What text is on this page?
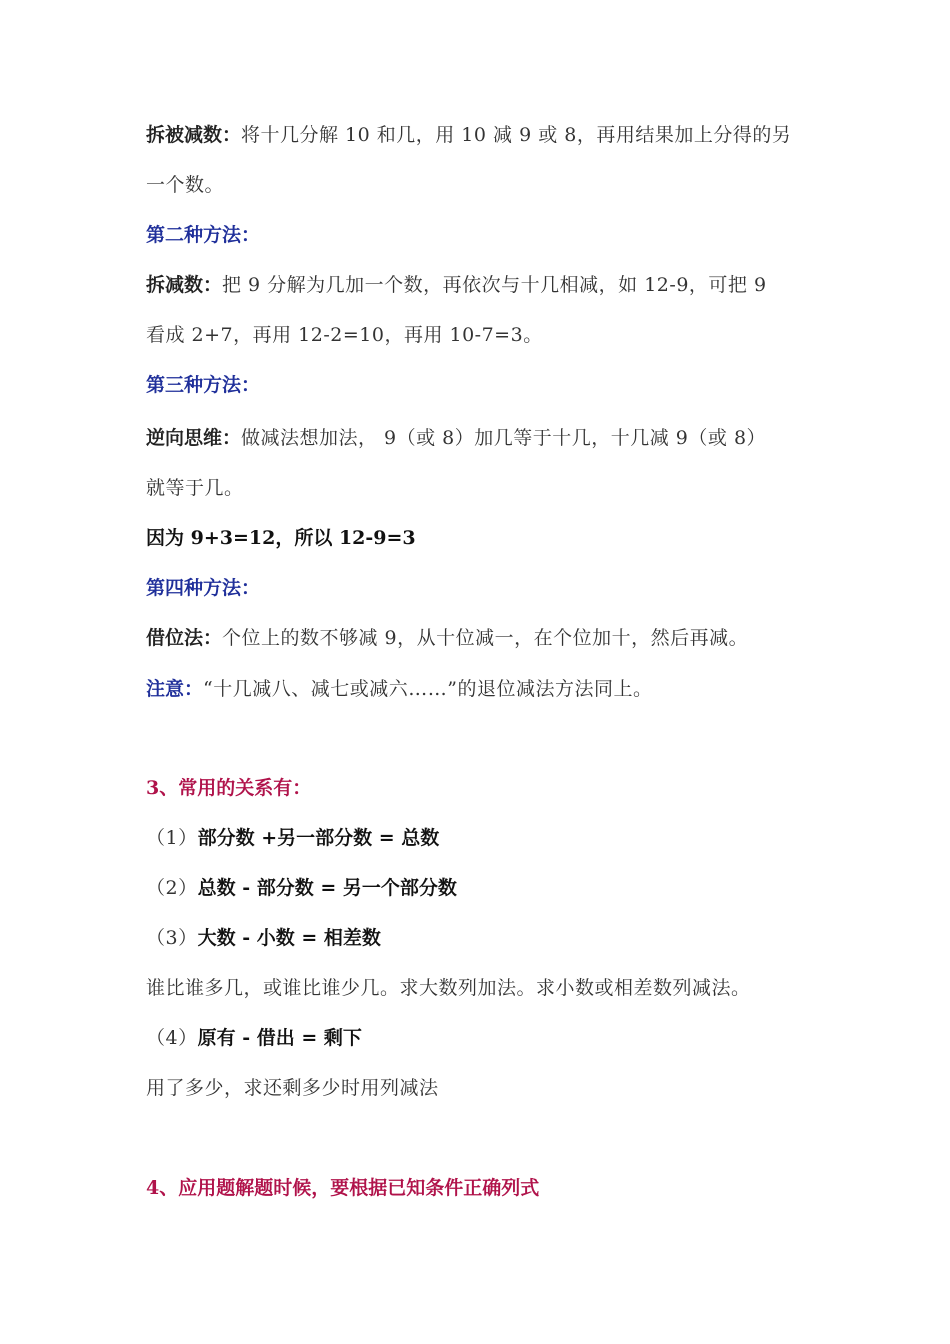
拆被减数：将十几分解 10 和几，用 10 减 9 或 8，再用结果加上分得的另
一个数。
第二种方法：
拆减数：把 9 分解为几加一个数，再依次与十几相减，如 12-9，可把 9
看成 2+7，再用 12-2=10，再用 10-7=3。
第三种方法：
逆向思维：做减法想加法， 9（或 8）加几等于十几，十几减 9（或 8）
就等于几。
因为 9+3=12，所以 12-9=3
第四种方法：
借位法：个位上的数不够减 9，从十位减一，在个位加十，然后再减。
注意：“十几减八、减七或减六……”的退位减法方法同上。
3、常用的关系有：
（1）部分数 +另一部分数 = 总数
（2）总数 - 部分数 = 另一个部分数
（3）大数 - 小数 = 相差数
谁比谁多几，或谁比谁少几。求大数列加法。求小数或相差数列减法。
（4）原有 - 借出 = 剩下
用了多少，求还剩多少时用列减法
4、应用题解题时候，要根据已知条件正确列式
